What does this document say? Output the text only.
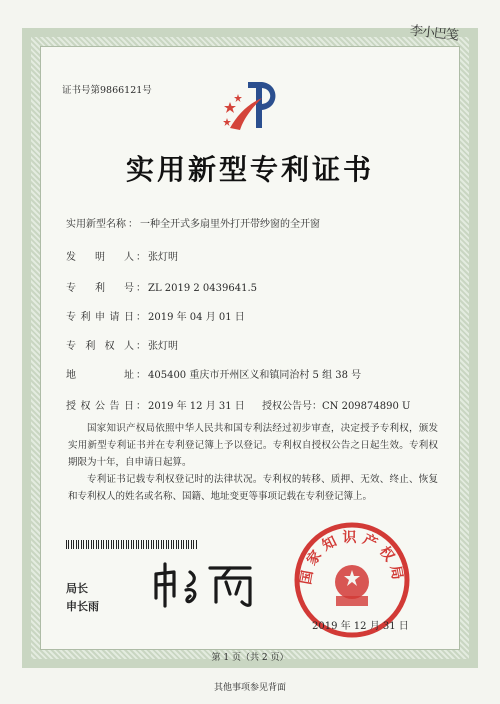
李小巴笺
证书号第9866121号
实用新型专利证书
实用新型名称 ： 一种全开式多扇里外打开带纱窗的全开窗
发明人 ： 张灯明
专利号 ： ZL 2019 2 0439641.5
专利申请日 ： 2019 年 04 月 01 日
专利权人 ： 张灯明
地址 ： 405400 重庆市开州区义和镇同治村 5 组 38 号
授权公告日 ： 2019 年 12 月 31 日 授权公告号：CN 209874890 U
国家知识产权局依照中华人民共和国专利法经过初步审查，决定授予专利权，颁发实用新型专利证书并在专利登记簿上予以登记。专利权自授权公告之日起生效。专利权期限为十年，自申请日起算。
专利证书记载专利权登记时的法律状况。专利权的转移、质押、无效、终止、恢复和专利权人的姓名或名称、国籍、地址变更等事项记载在专利登记簿上。
局长
申长雨
国家知识产权局
2019 年 12 月 31 日
第 1 页（共 2 页）
其他事项参见背面
